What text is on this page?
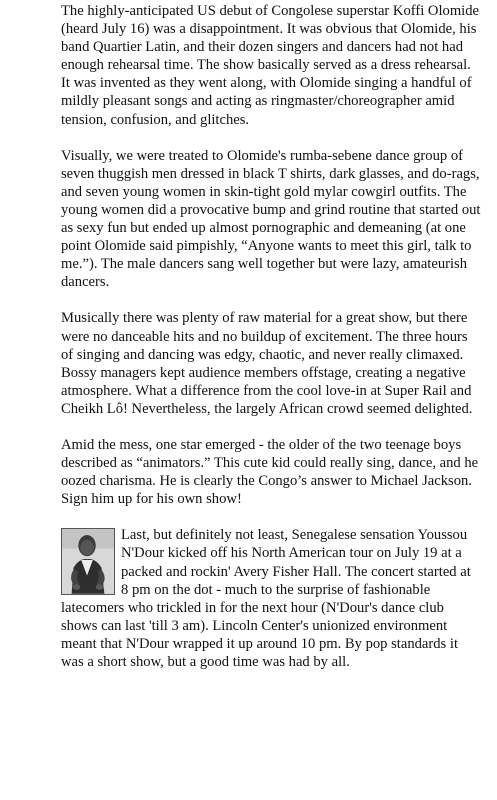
The highly-anticipated US debut of Congolese superstar Koffi Olomide (heard July 16) was a disappointment. It was obvious that Olomide, his band Quartier Latin, and their dozen singers and dancers had not had enough rehearsal time. The show basically served as a dress rehearsal. It was invented as they went along, with Olomide singing a handful of mildly pleasant songs and acting as ringmaster/choreographer amid tension, confusion, and glitches.

Visually, we were treated to Olomide's rumba-sebene dance group of seven thuggish men dressed in black T shirts, dark glasses, and do-rags, and seven young women in skin-tight gold mylar cowgirl outfits. The young women did a provocative bump and grind routine that started out as sexy fun but ended up almost pornographic and demeaning (at one point Olomide said pimpishly, “Anyone wants to meet this girl, talk to me.”). The male dancers sang well together but were lazy, amateurish dancers.

Musically there was plenty of raw material for a great show, but there were no danceable hits and no buildup of excitement. The three hours of singing and dancing was edgy, chaotic, and never really climaxed. Bossy managers kept audience members offstage, creating a negative atmosphere. What a difference from the cool love-in at Super Rail and Cheikh Lô! Nevertheless, the largely African crowd seemed delighted.

Amid the mess, one star emerged - the older of the two teenage boys described as “animators.” This cute kid could really sing, dance, and he oozed charisma. He is clearly the Congo’s answer to Michael Jackson. Sign him up for his own show!

Last, but definitely not least, Senegalese sensation Youssou N'Dour kicked off his North American tour on July 19 at a packed and rockin' Avery Fisher Hall. The concert started at 8 pm on the dot - much to the surprise of fashionable latecomers who trickled in for the next hour (N'Dour's dance club shows can last 'till 3 am). Lincoln Center's unionized environment meant that N'Dour wrapped it up around 10 pm. By pop standards it was a short show, but a good time was had by all.
